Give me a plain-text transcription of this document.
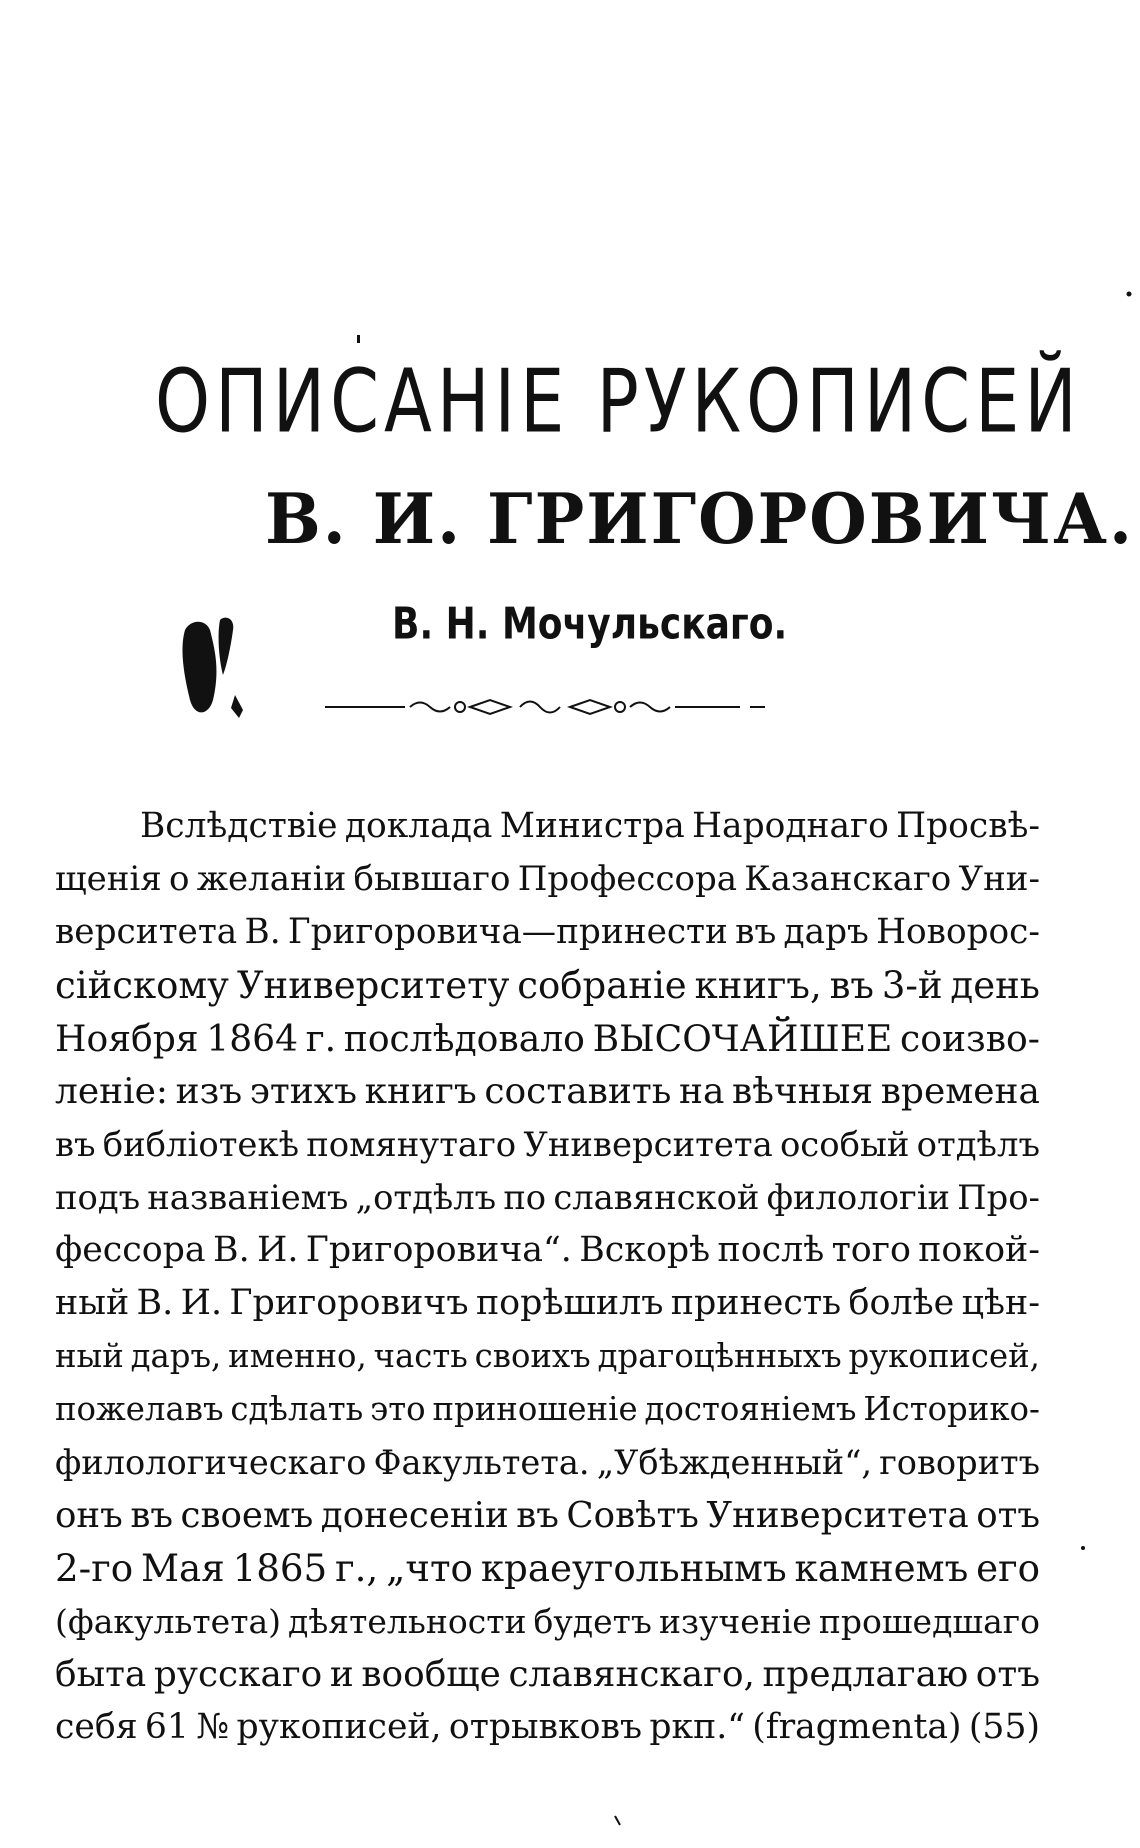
ОПИСАНІЕ РУКОПИСЕЙ
В. И. ГРИГОРОВИЧА.

В. Н. Мочульскаго.

Вслѣдствіе доклада Министра Народнаго Просвѣ-
щенія о желаніи бывшаго Профессора Казанскаго Уни-
верситета В. Григоровича—принести въ даръ Новорос-
сійскому Университету собраніе книгъ, въ 3-й день
Ноября 1864 г. послѣдовало ВЫСОЧАЙШЕЕ соизво-
леніе: изъ этихъ книгъ составить на вѣчныя времена
въ библіотекѣ помянутаго Университета особый отдѣлъ
подъ названіемъ „отдѣлъ по славянской филологіи Про-
фессора В. И. Григоровича“. Вскорѣ послѣ того покой-
ный В. И. Григоровичъ порѣшилъ принесть болѣе цѣн-
ный даръ, именно, часть своихъ драгоцѣнныхъ рукописей,
пожелавъ сдѣлать это приношеніе достояніемъ Историко-
филологическаго Факультета. „Убѣжденный“, говоритъ
онъ въ своемъ донесеніи въ Совѣтъ Университета отъ
2-го Мая 1865 г., „что краеугольнымъ камнемъ его
(факультета) дѣятельности будетъ изученіе прошедшаго
быта русскаго и вообще славянскаго, предлагаю отъ
себя 61 № рукописей, отрывковъ ркп.“ (fragmenta) (55)
